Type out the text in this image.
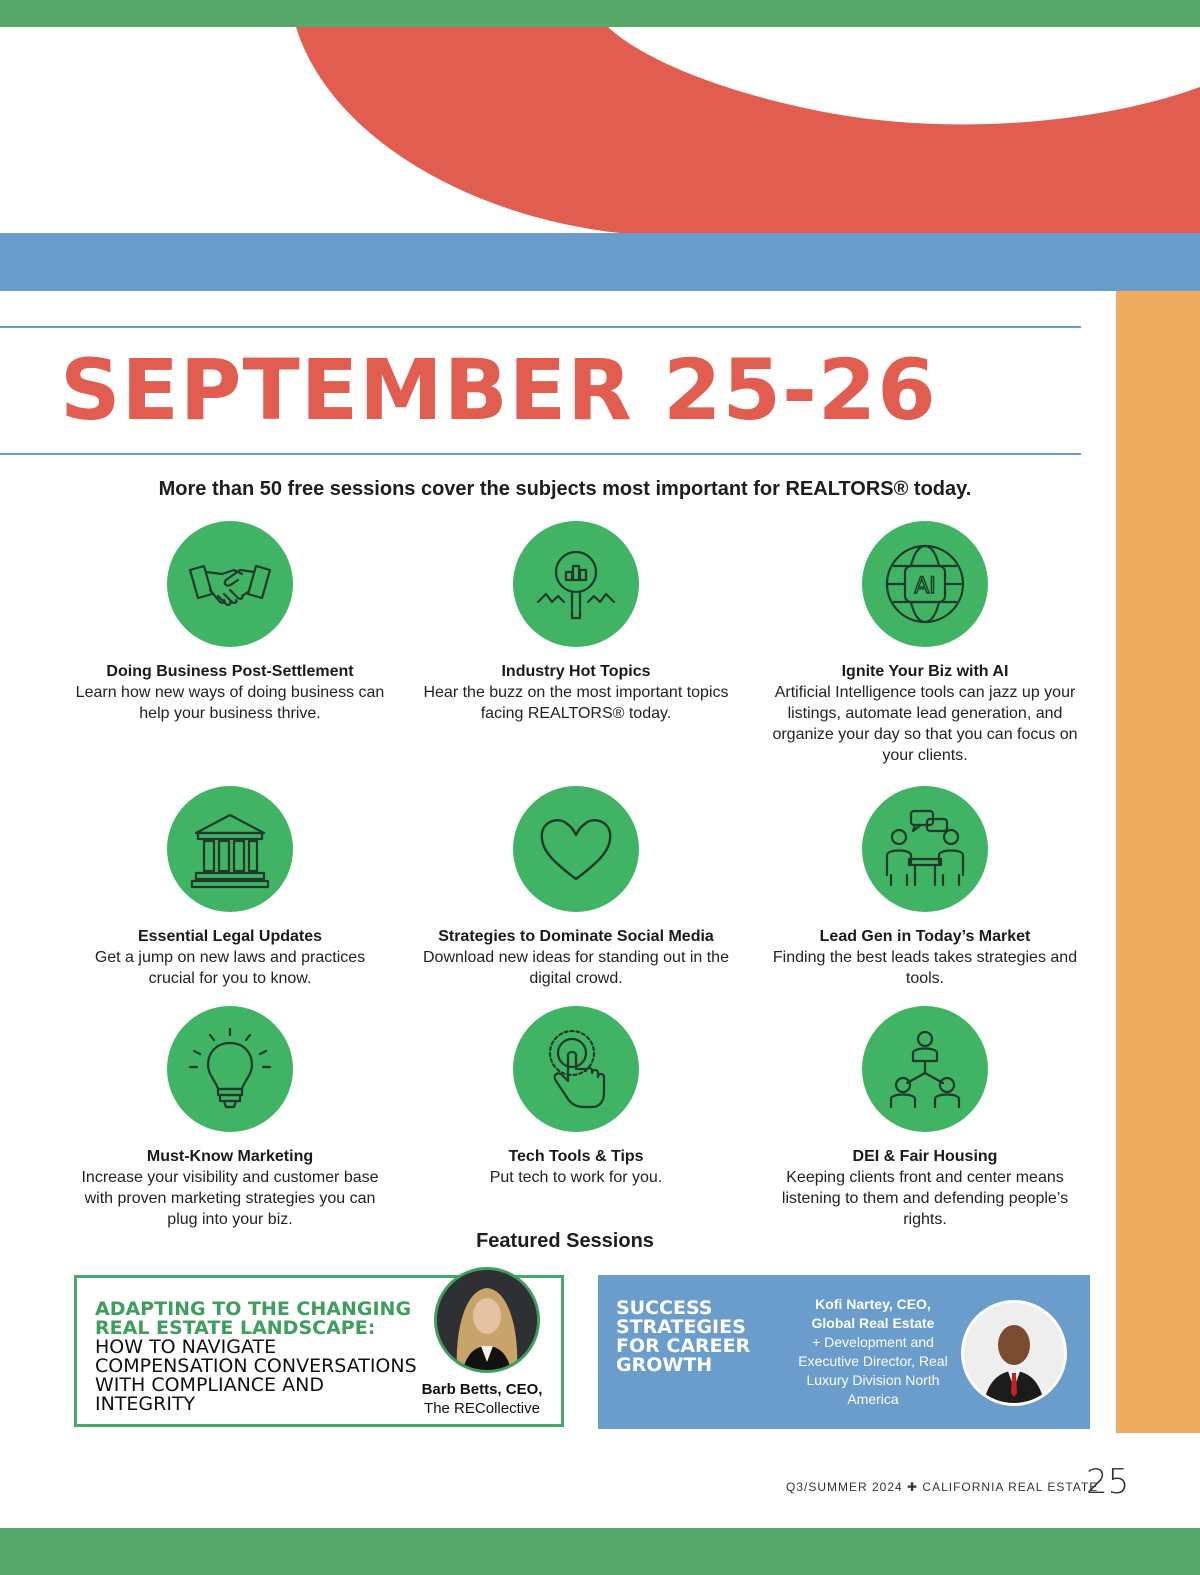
SEPTEMBER 25-26

More than 50 free sessions cover the subjects most important for REALTORS® today.

Doing Business Post-Settlement
Learn how new ways of doing business can help your business thrive.
Industry Hot Topics
Hear the buzz on the most important topics facing REALTORS® today.
AI
Ignite Your Biz with AI
Artificial Intelligence tools can jazz up your listings, automate lead generation, and organize your day so that you can focus on your clients.
Essential Legal Updates
Get a jump on new laws and practices crucial for you to know.
Strategies to Dominate Social Media
Download new ideas for standing out in the digital crowd.
Lead Gen in Today’s Market
Finding the best leads takes strategies and tools.
Must-Know Marketing
Increase your visibility and customer base with proven marketing strategies you can plug into your biz.
Tech Tools & Tips
Put tech to work for you.
DEI & Fair Housing
Keeping clients front and center means listening to them and defending people’s rights.
Featured Sessions
ADAPTING TO THE CHANGING REAL ESTATE LANDSCAPE:
HOW TO NAVIGATE COMPENSATION CONVERSATIONS WITH COMPLIANCE AND INTEGRITY
Barb Betts, CEO,
The RECollective
SUCCESS STRATEGIES FOR CAREER GROWTH
Kofi Nartey, CEO,
Global Real Estate
+ Development and Executive Director, Real Luxury Division North America
Q3/SUMMER 2024 ✚ CALIFORNIA REAL ESTATE
25
